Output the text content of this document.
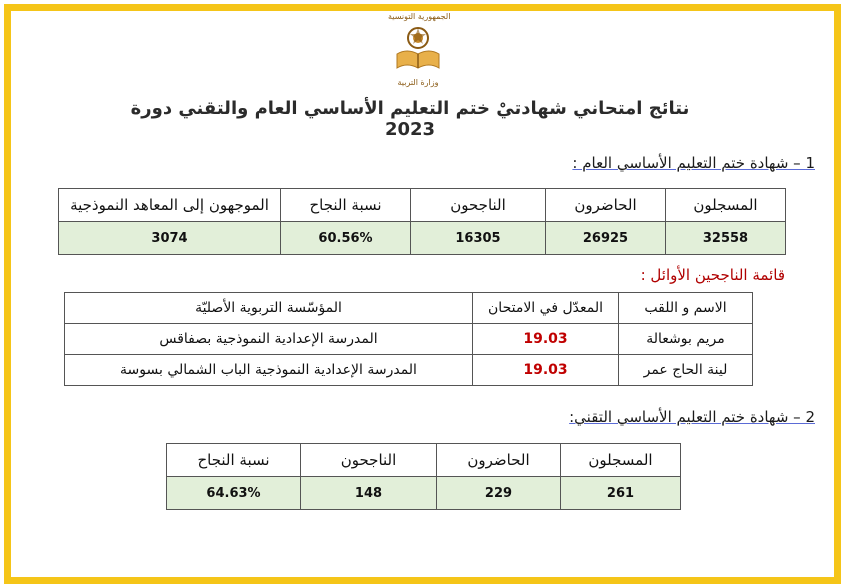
الجمهورية التونسية
وزارة التربية
نتائج امتحاني شهادتيْ ختم التعليم الأساسي العام والتقني دورة 2023
1 – شهادة ختم التعليم الأساسي العام :
المسجلون	الحاضرون	الناجحون	نسبة النجاح	الموجهون إلى المعاهد النموذجية
32558	26925	16305	60.56%	3074
قائمة الناجحين الأوائل :
الاسم و اللقب	المعدّل في الامتحان	المؤسّسة التربوية الأصليّة
مريم بوشعالة	19.03	المدرسة الإعدادية النموذجية بصفاقس
لينة الحاج عمر	19.03	المدرسة الإعدادية النموذجية الباب الشمالي بسوسة
2 – شهادة ختم التعليم الأساسي التقني:
المسجلون	الحاضرون	الناجحون	نسبة النجاح
261	229	148	64.63%
